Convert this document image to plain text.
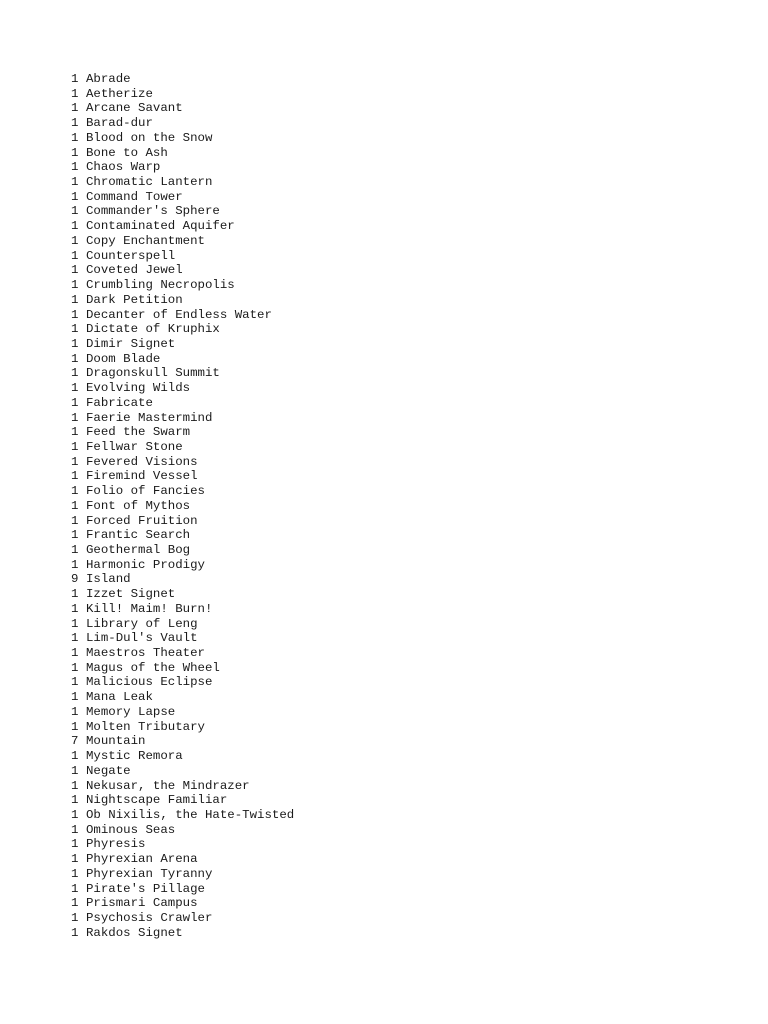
1 Abrade
1 Aetherize
1 Arcane Savant
1 Barad-dur
1 Blood on the Snow
1 Bone to Ash
1 Chaos Warp
1 Chromatic Lantern
1 Command Tower
1 Commander's Sphere
1 Contaminated Aquifer
1 Copy Enchantment
1 Counterspell
1 Coveted Jewel
1 Crumbling Necropolis
1 Dark Petition
1 Decanter of Endless Water
1 Dictate of Kruphix
1 Dimir Signet
1 Doom Blade
1 Dragonskull Summit
1 Evolving Wilds
1 Fabricate
1 Faerie Mastermind
1 Feed the Swarm
1 Fellwar Stone
1 Fevered Visions
1 Firemind Vessel
1 Folio of Fancies
1 Font of Mythos
1 Forced Fruition
1 Frantic Search
1 Geothermal Bog
1 Harmonic Prodigy
9 Island
1 Izzet Signet
1 Kill! Maim! Burn!
1 Library of Leng
1 Lim-Dul's Vault
1 Maestros Theater
1 Magus of the Wheel
1 Malicious Eclipse
1 Mana Leak
1 Memory Lapse
1 Molten Tributary
7 Mountain
1 Mystic Remora
1 Negate
1 Nekusar, the Mindrazer
1 Nightscape Familiar
1 Ob Nixilis, the Hate-Twisted
1 Ominous Seas
1 Phyresis
1 Phyrexian Arena
1 Phyrexian Tyranny
1 Pirate's Pillage
1 Prismari Campus
1 Psychosis Crawler
1 Rakdos Signet
